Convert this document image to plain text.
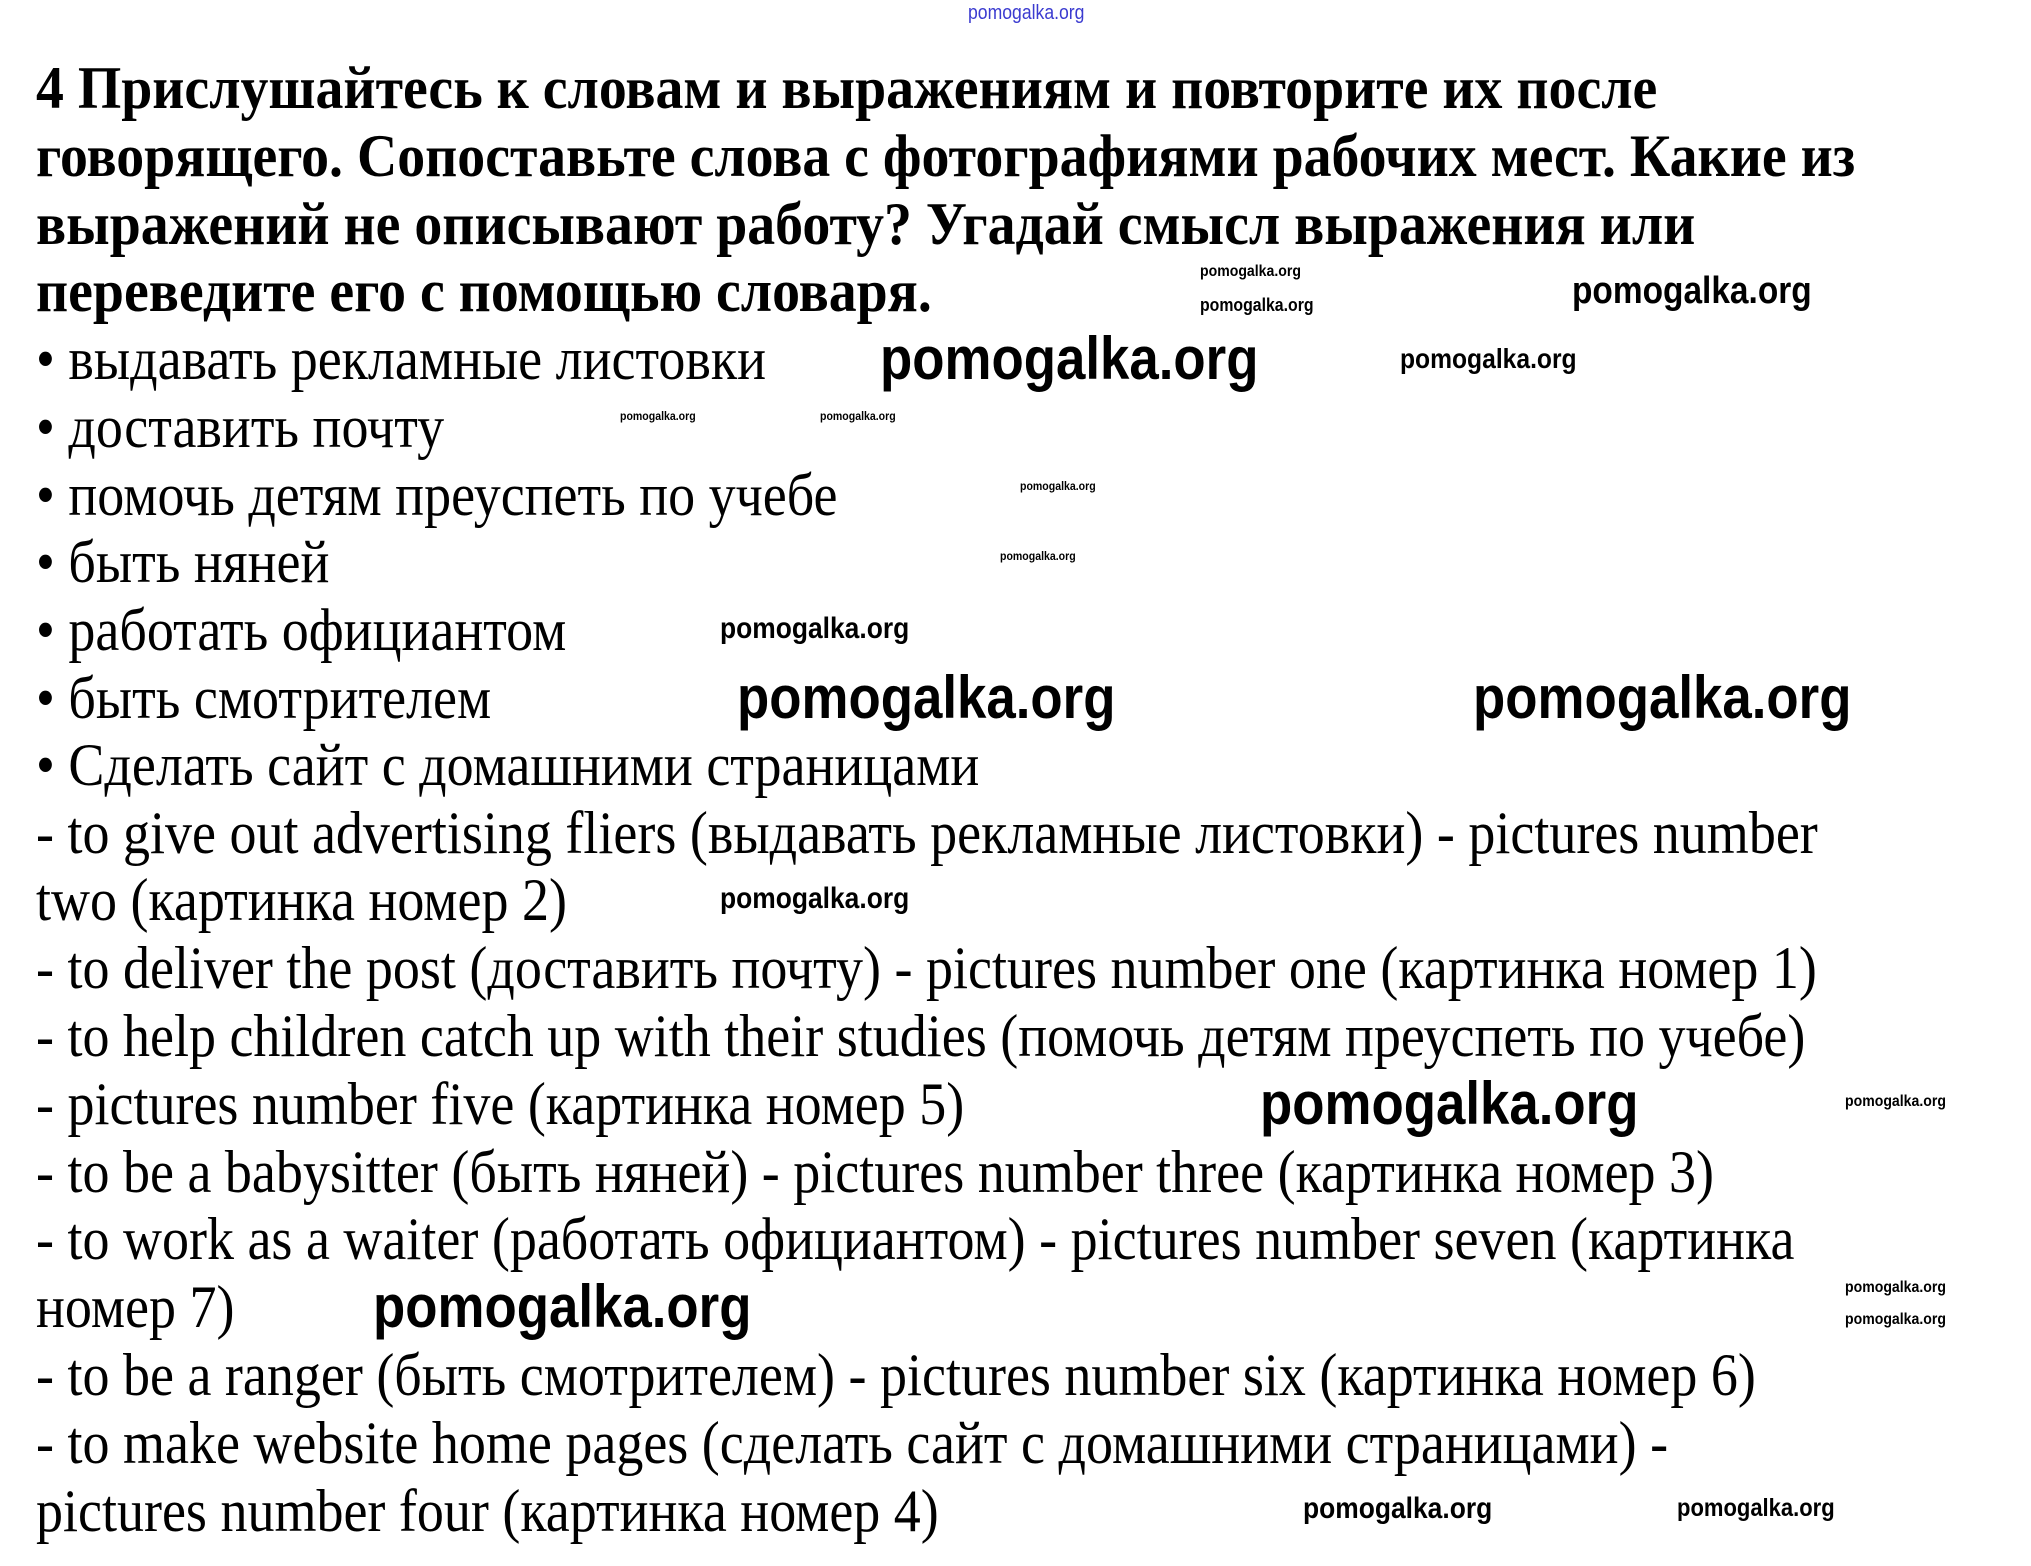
pomogalka.org
4 Прислушайтесь к словам и выражениям и повторите их после
говорящего. Сопоставьте слова с фотографиями рабочих мест. Какие из
выражений не описывают работу? Угадай смысл выражения или
переведите его с помощью словаря.
• выдавать рекламные листовки
• доставить почту
• помочь детям преуспеть по учебе
• быть няней
• работать официантом
• быть смотрителем
• Сделать сайт с домашними страницами
- to give out advertising fliers (выдавать рекламные листовки) - pictures number
two (картинка номер 2)
- to deliver the post (доставить почту) - pictures number one (картинка номер 1)
- to help children catch up with their studies (помочь детям преуспеть по учебе)
- pictures number five (картинка номер 5)
- to be a babysitter (быть няней) - pictures number three (картинка номер 3)
- to work as a waiter (работать официантом) - pictures number seven (картинка
номер 7)
- to be a ranger (быть смотрителем) - pictures number six (картинка номер 6)
- to make website home pages (сделать сайт с домашними страницами) -
pictures number four (картинка номер 4)
pomogalka.org
pomogalka.org	pomogalka.org
pomogalka.org
pomogalka.org
pomogalka.org
pomogalka.org
pomogalka.org
pomogalka.org
pomogalka.org
pomogalka.org	pomogalka.org
pomogalka.org
pomogalka.org
pomogalka.org
pomogalka.org
pomogalka.org	pomogalka.org
pomogalka.org	pomogalka.org
